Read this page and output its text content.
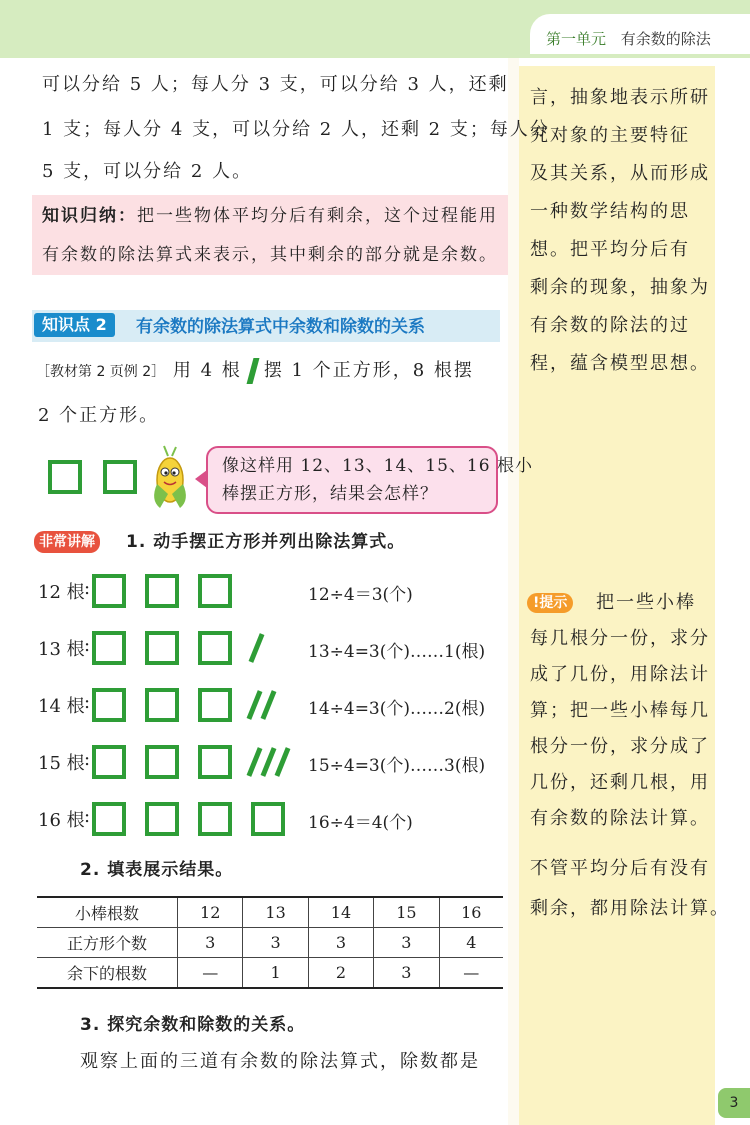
第一单元 有余数的除法
可以分给 5 人；每人分 3 支，可以分给 3 人，还剩
1 支；每人分 4 支，可以分给 2 人，还剩 2 支；每人分
5 支，可以分给 2 人。
知识归纳：把一些物体平均分后有剩余，这个过程能用
有余数的除法算式来表示，其中剩余的部分就是余数。
知识点 2	有余数的除法算式中余数和除数的关系
［教材第 2 页例 2］ 用 4 根 摆 1 个正方形，8 根摆
2 个正方形。
像这样用 12、13、14、15、16 根小
棒摆正方形，结果会怎样？
非常讲解 1. 动手摆正方形并列出除法算式。
12 根 :	12÷4＝3(个)
13 根 :	13÷4=3(个)……1(根)
14 根 :	14÷4=3(个)……2(根)
15 根 :	15÷4=3(个)……3(根)
16 根 :	16÷4＝4(个)
2. 填表展示结果。
小棒根数	12	13	14	15	16
正方形个数	3	3	3	3	4
余下的根数	—	1	2	3	—
3. 探究余数和除数的关系。
观察上面的三道有余数的除法算式，除数都是
言，抽象地表示所研
究对象的主要特征
及其关系，从而形成
一种数学结构的思
想。把平均分后有
剩余的现象，抽象为
有余数的除法的过
程，蕴含模型思想。
!提示	把一些小棒
每几根分一份，求分
成了几份，用除法计
算；把一些小棒每几
根分一份，求分成了
几份，还剩几根，用
有余数的除法计算。
不管平均分后有没有
剩余，都用除法计算。
3
